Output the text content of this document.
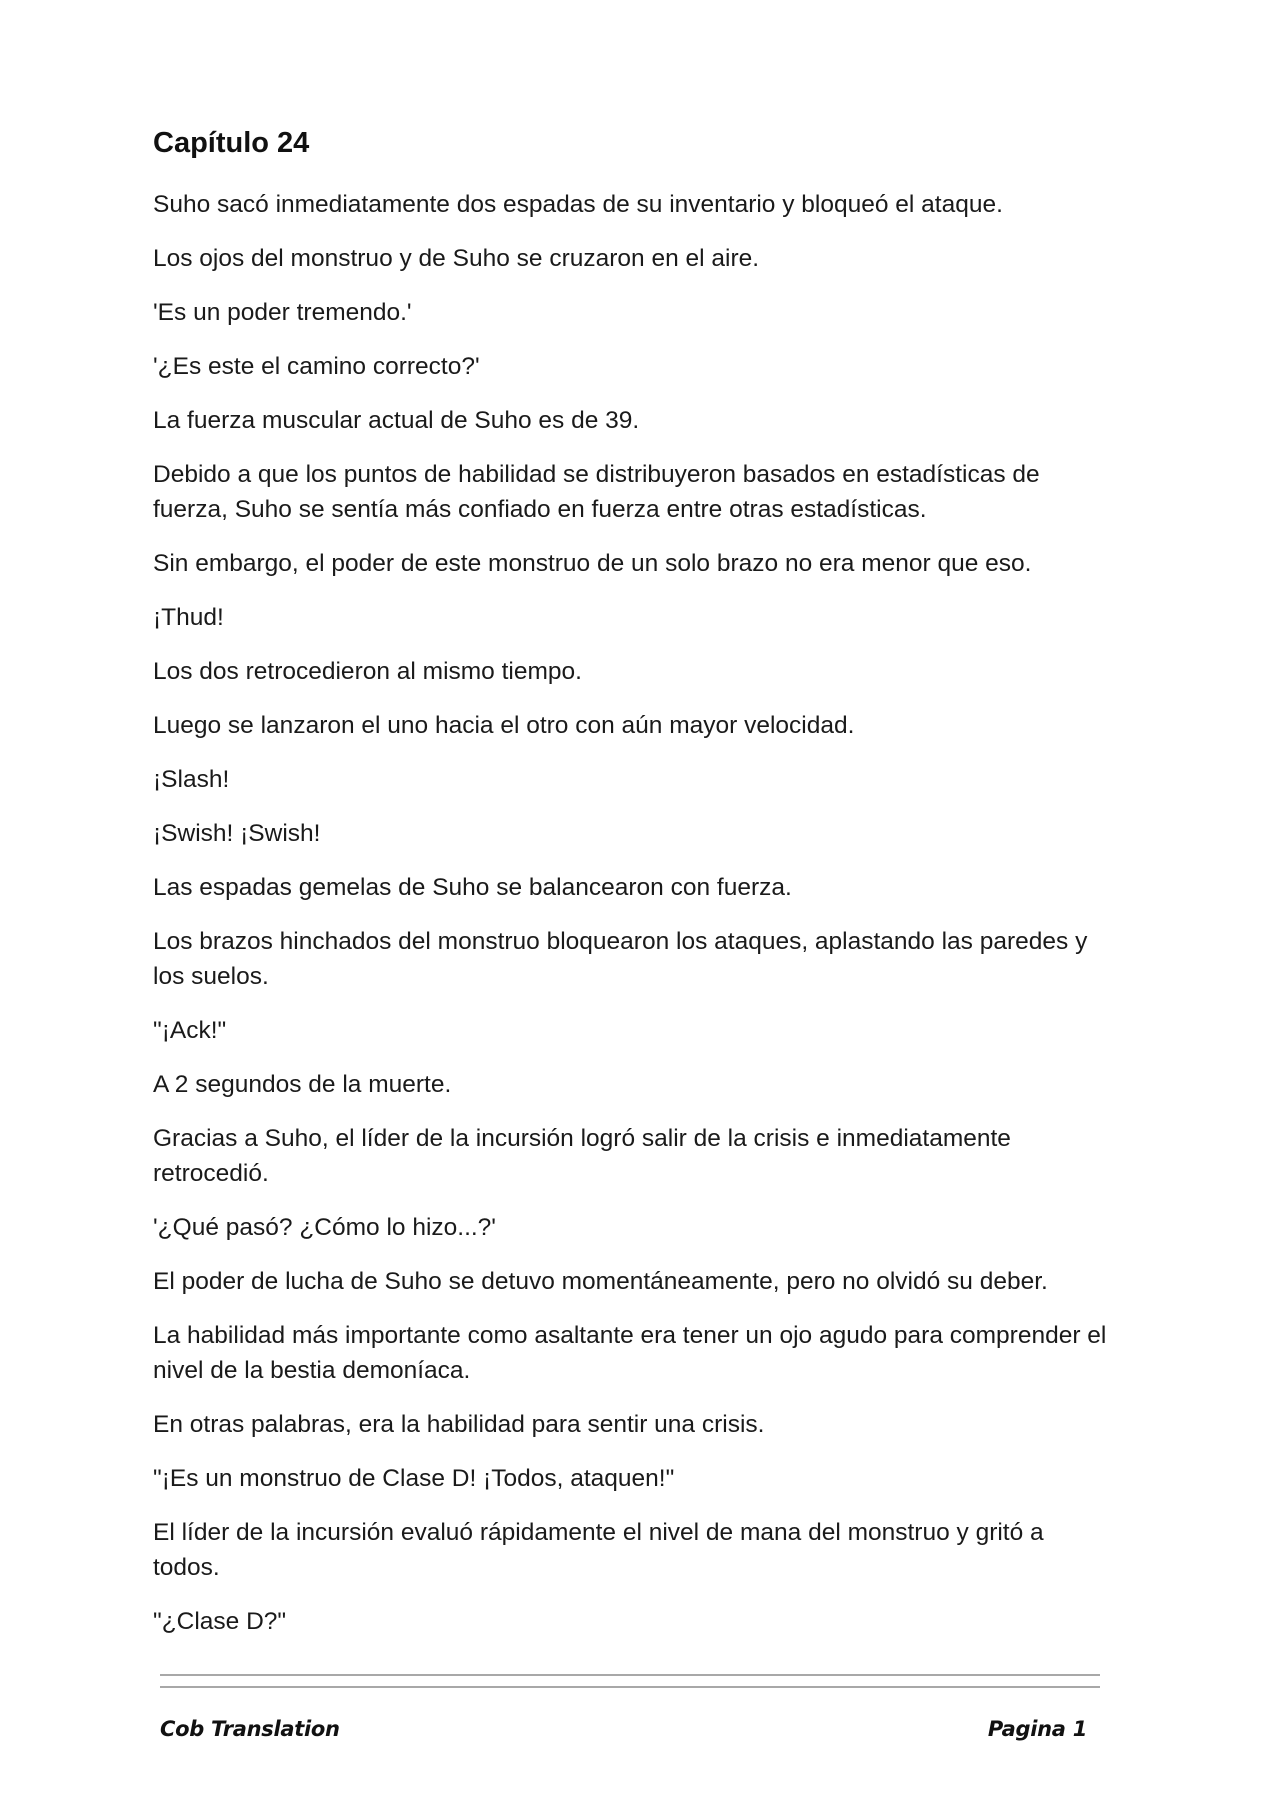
Capítulo 24

Suho sacó inmediatamente dos espadas de su inventario y bloqueó el ataque.

Los ojos del monstruo y de Suho se cruzaron en el aire.

'Es un poder tremendo.'

'¿Es este el camino correcto?'

La fuerza muscular actual de Suho es de 39.

Debido a que los puntos de habilidad se distribuyeron basados en estadísticas de fuerza, Suho se sentía más confiado en fuerza entre otras estadísticas.

Sin embargo, el poder de este monstruo de un solo brazo no era menor que eso.

¡Thud!

Los dos retrocedieron al mismo tiempo.

Luego se lanzaron el uno hacia el otro con aún mayor velocidad.

¡Slash!

¡Swish! ¡Swish!

Las espadas gemelas de Suho se balancearon con fuerza.

Los brazos hinchados del monstruo bloquearon los ataques, aplastando las paredes y los suelos.

"¡Ack!"

A 2 segundos de la muerte.

Gracias a Suho, el líder de la incursión logró salir de la crisis e inmediatamente retrocedió.

'¿Qué pasó? ¿Cómo lo hizo...?'

El poder de lucha de Suho se detuvo momentáneamente, pero no olvidó su deber.

La habilidad más importante como asaltante era tener un ojo agudo para comprender el nivel de la bestia demoníaca.

En otras palabras, era la habilidad para sentir una crisis.

"¡Es un monstruo de Clase D! ¡Todos, ataquen!"

El líder de la incursión evaluó rápidamente el nivel de mana del monstruo y gritó a todos.

"¿Clase D?"

Cob Translation	Pagina 1
